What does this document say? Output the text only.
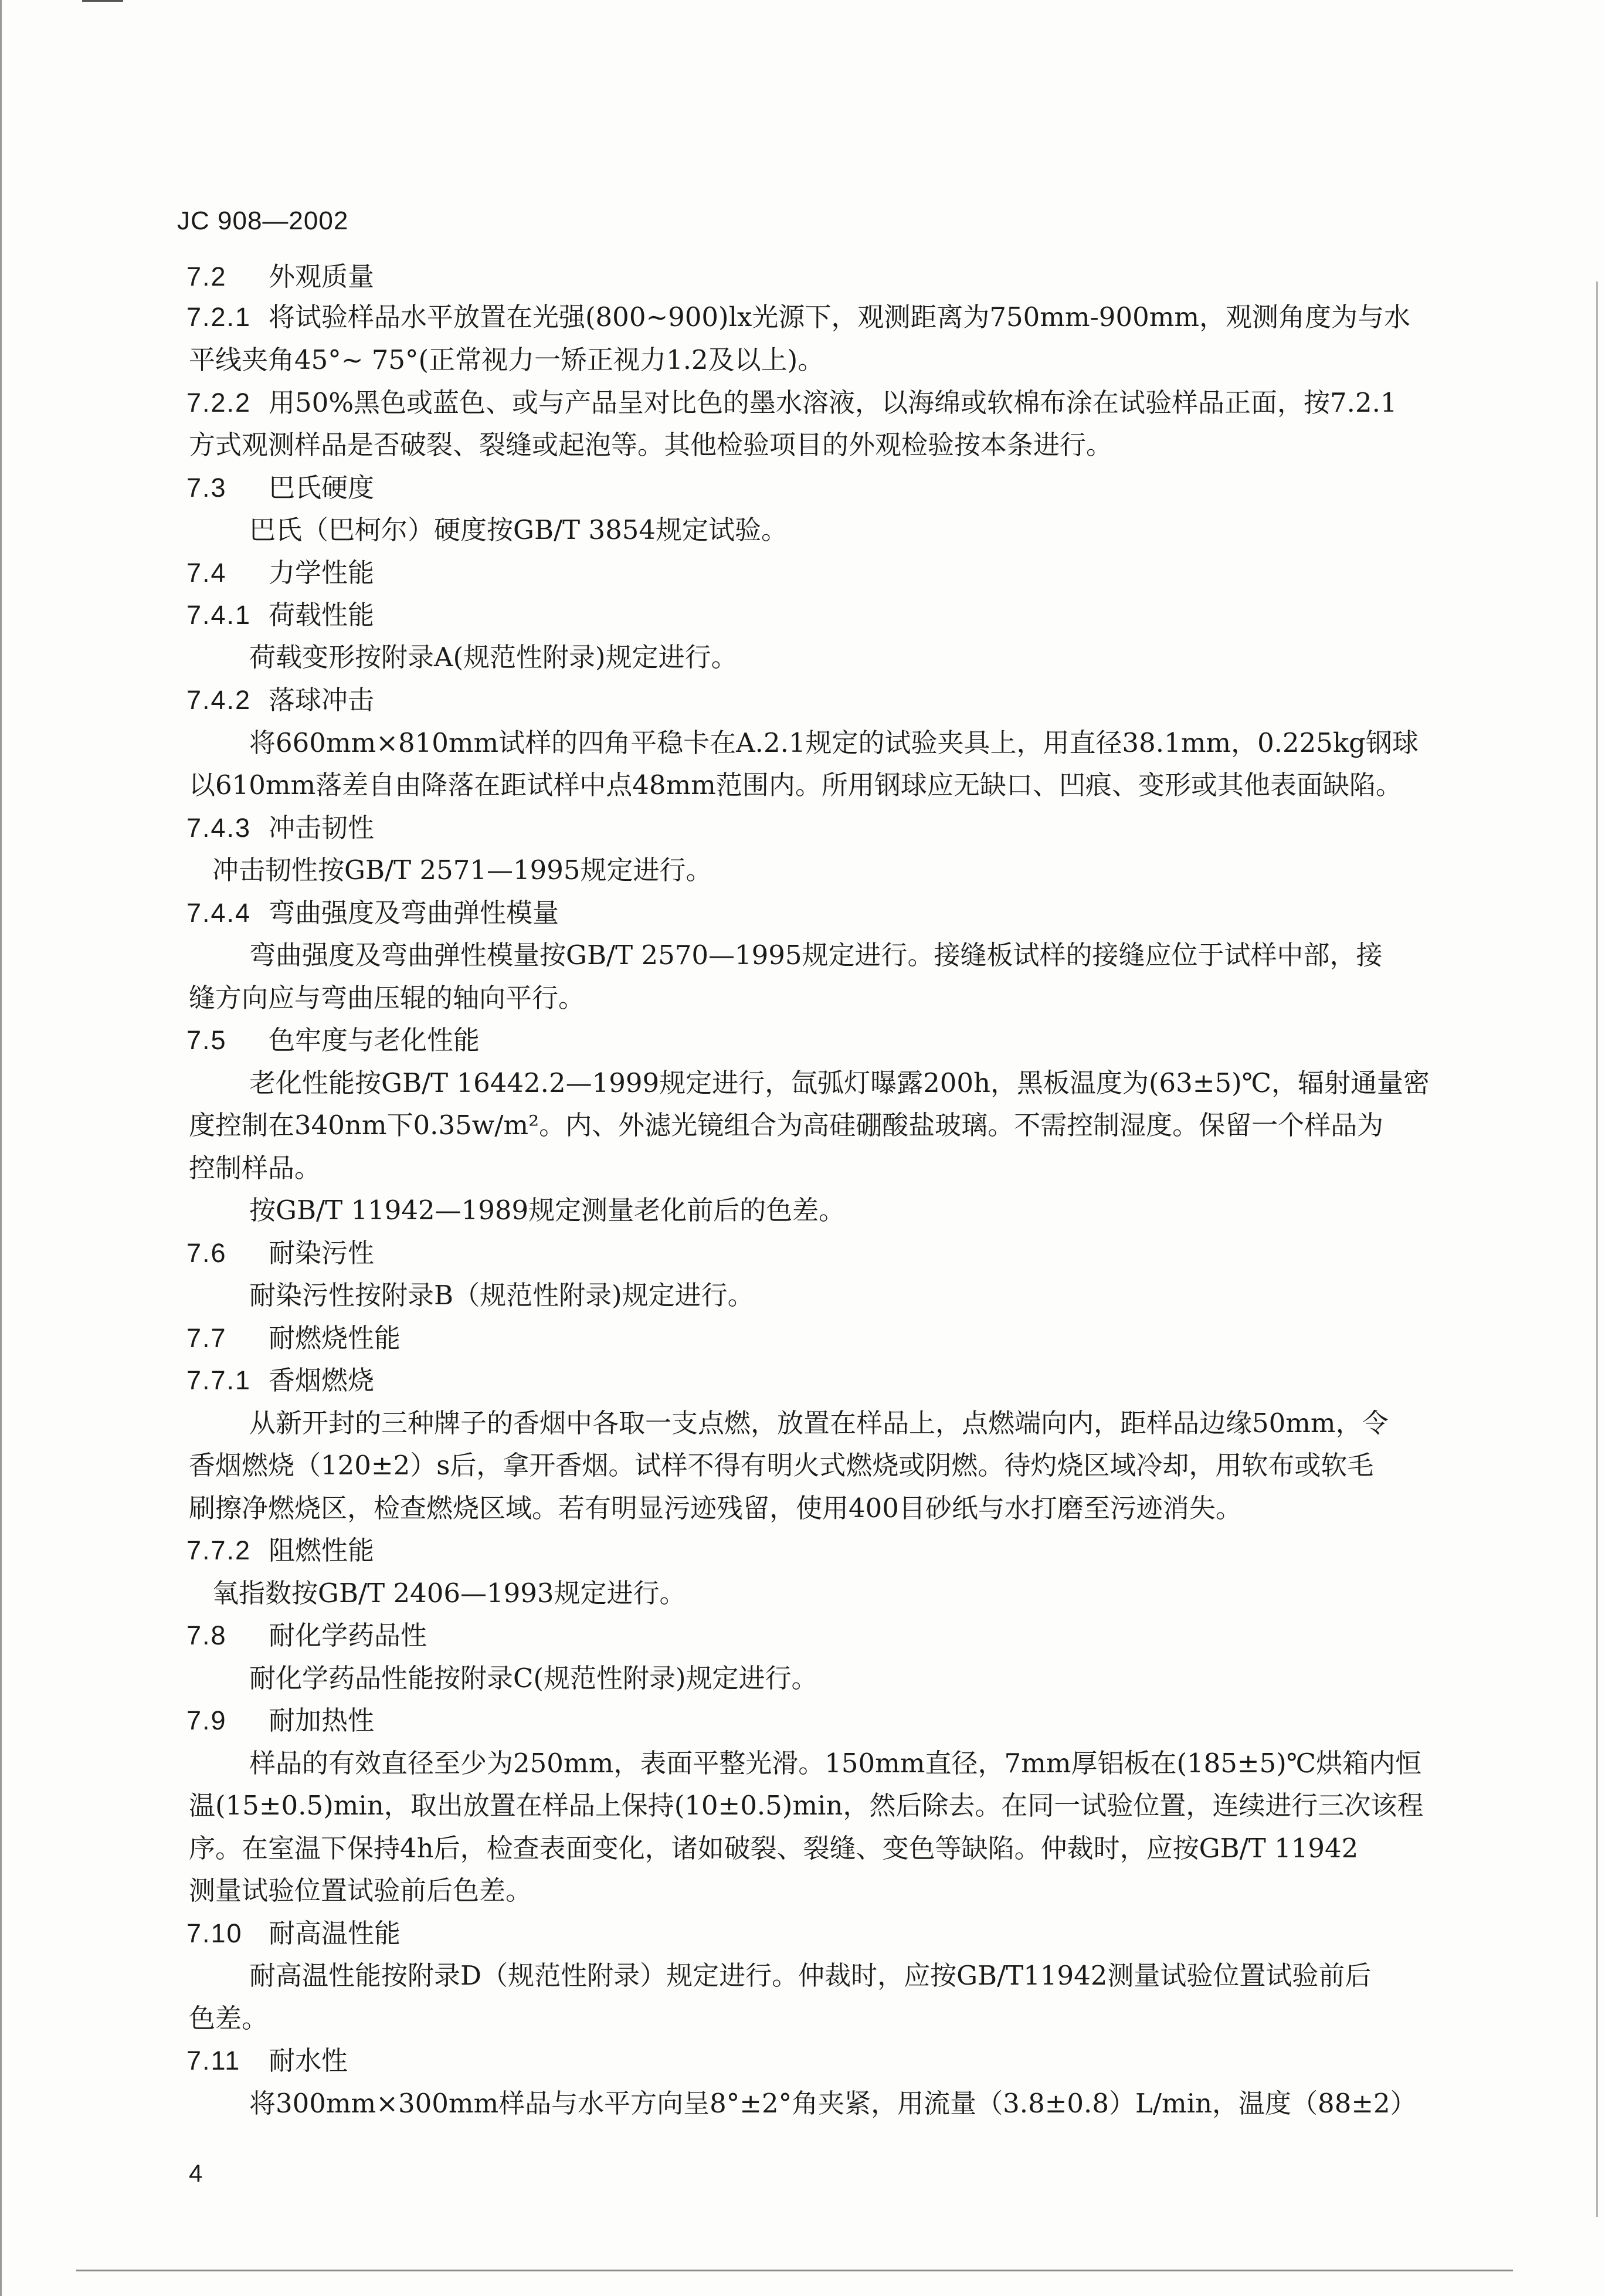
JC 908—2002
7.2 外观质量
7.2.1 将试验样品水平放置在光强(800~900)lx光源下，观测距离为750mm-900mm，观测角度为与水
平线夹角45°~ 75°(正常视力一矫正视力1.2及以上)。
7.2.2 用50%黑色或蓝色、或与产品呈对比色的墨水溶液，以海绵或软棉布涂在试验样品正面，按7.2.1
方式观测样品是否破裂、裂缝或起泡等。其他检验项目的外观检验按本条进行。
7.3 巴氏硬度
巴氏（巴柯尔）硬度按GB/T 3854规定试验。
7.4 力学性能
7.4.1 荷载性能
荷载变形按附录A(规范性附录)规定进行。
7.4.2 落球冲击
将660mm×810mm试样的四角平稳卡在A.2.1规定的试验夹具上，用直径38.1mm，0.225kg钢球
以610mm落差自由降落在距试样中点48mm范围内。所用钢球应无缺口、凹痕、变形或其他表面缺陷。
7.4.3 冲击韧性
冲击韧性按GB/T 2571—1995规定进行。
7.4.4 弯曲强度及弯曲弹性模量
弯曲强度及弯曲弹性模量按GB/T 2570—1995规定进行。接缝板试样的接缝应位于试样中部，接
缝方向应与弯曲压辊的轴向平行。
7.5 色牢度与老化性能
老化性能按GB/T 16442.2—1999规定进行，氙弧灯曝露200h，黑板温度为(63±5)℃，辐射通量密
度控制在340nm下0.35w/m²。内、外滤光镜组合为高硅硼酸盐玻璃。不需控制湿度。保留一个样品为
控制样品。
按GB/T 11942—1989规定测量老化前后的色差。
7.6 耐染污性
耐染污性按附录B（规范性附录)规定进行。
7.7 耐燃烧性能
7.7.1 香烟燃烧
从新开封的三种牌子的香烟中各取一支点燃，放置在样品上，点燃端向内，距样品边缘50mm，令
香烟燃烧（120±2）s后，拿开香烟。试样不得有明火式燃烧或阴燃。待灼烧区域冷却，用软布或软毛
刷擦净燃烧区，检查燃烧区域。若有明显污迹残留，使用400目砂纸与水打磨至污迹消失。
7.7.2 阻燃性能
氧指数按GB/T 2406—1993规定进行。
7.8 耐化学药品性
耐化学药品性能按附录C(规范性附录)规定进行。
7.9 耐加热性
样品的有效直径至少为250mm，表面平整光滑。150mm直径，7mm厚铝板在(185±5)℃烘箱内恒
温(15±0.5)min，取出放置在样品上保持(10±0.5)min，然后除去。在同一试验位置，连续进行三次该程
序。在室温下保持4h后，检查表面变化，诸如破裂、裂缝、变色等缺陷。仲裁时，应按GB/T 11942
测量试验位置试验前后色差。
7.10 耐高温性能
耐高温性能按附录D（规范性附录）规定进行。仲裁时，应按GB/T11942测量试验位置试验前后
色差。
7.11 耐水性
将300mm×300mm样品与水平方向呈8°±2°角夹紧，用流量（3.8±0.8）L/min，温度（88±2）
4
